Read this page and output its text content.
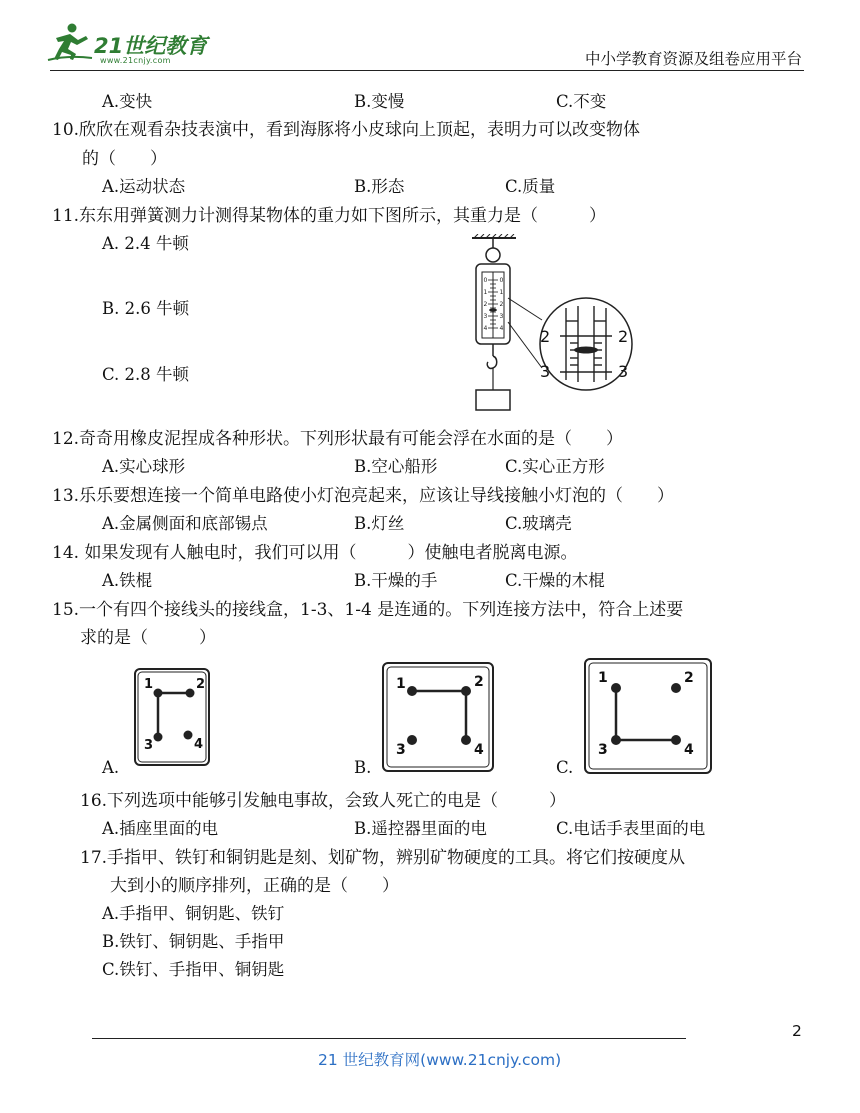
21世纪教育
www.21cnjy.com	中小学教育资源及组卷应用平台
A.变快	B.变慢	C.不变
10.欣欣在观看杂技表演中，看到海豚将小皮球向上顶起，表明力可以改变物体
的（　　）
A.运动状态	B.形态	C.质量
11.东东用弹簧测力计测得某物体的重力如下图所示，其重力是（　　　）
A. 2.4 牛顿
B. 2.6 牛顿
C. 2.8 牛顿
0
1
2
3
4
0
1
2
3
4 2	2
3	3
12.奇奇用橡皮泥捏成各种形状。下列形状最有可能会浮在水面的是（　　）
A.实心球形	B.空心船形	C.实心正方形
13.乐乐要想连接一个简单电路使小灯泡亮起来，应该让导线接触小灯泡的（　　）
A.金属侧面和底部锡点	B.灯丝	C.玻璃壳
14. 如果发现有人触电时，我们可以用（　　　）使触电者脱离电源。
A.铁棍	B.干燥的手	C.干燥的木棍
15.一个有四个接线头的接线盒，1-3、1-4 是连通的。下列连接方法中，符合上述要
求的是（　　　）
1	2
3	4
1	2
3	4
1	2
3	4
A.	B.	C.
16.下列选项中能够引发触电事故，会致人死亡的电是（　　　）
A.插座里面的电	B.遥控器里面的电	C.电话手表里面的电
17.手指甲、铁钉和铜钥匙是刻、划矿物，辨别矿物硬度的工具。将它们按硬度从
大到小的顺序排列，正确的是（　　）
A.手指甲、铜钥匙、铁钉
B.铁钉、铜钥匙、手指甲
C.铁钉、手指甲、铜钥匙
2
21 世纪教育网(www.21cnjy.com)
